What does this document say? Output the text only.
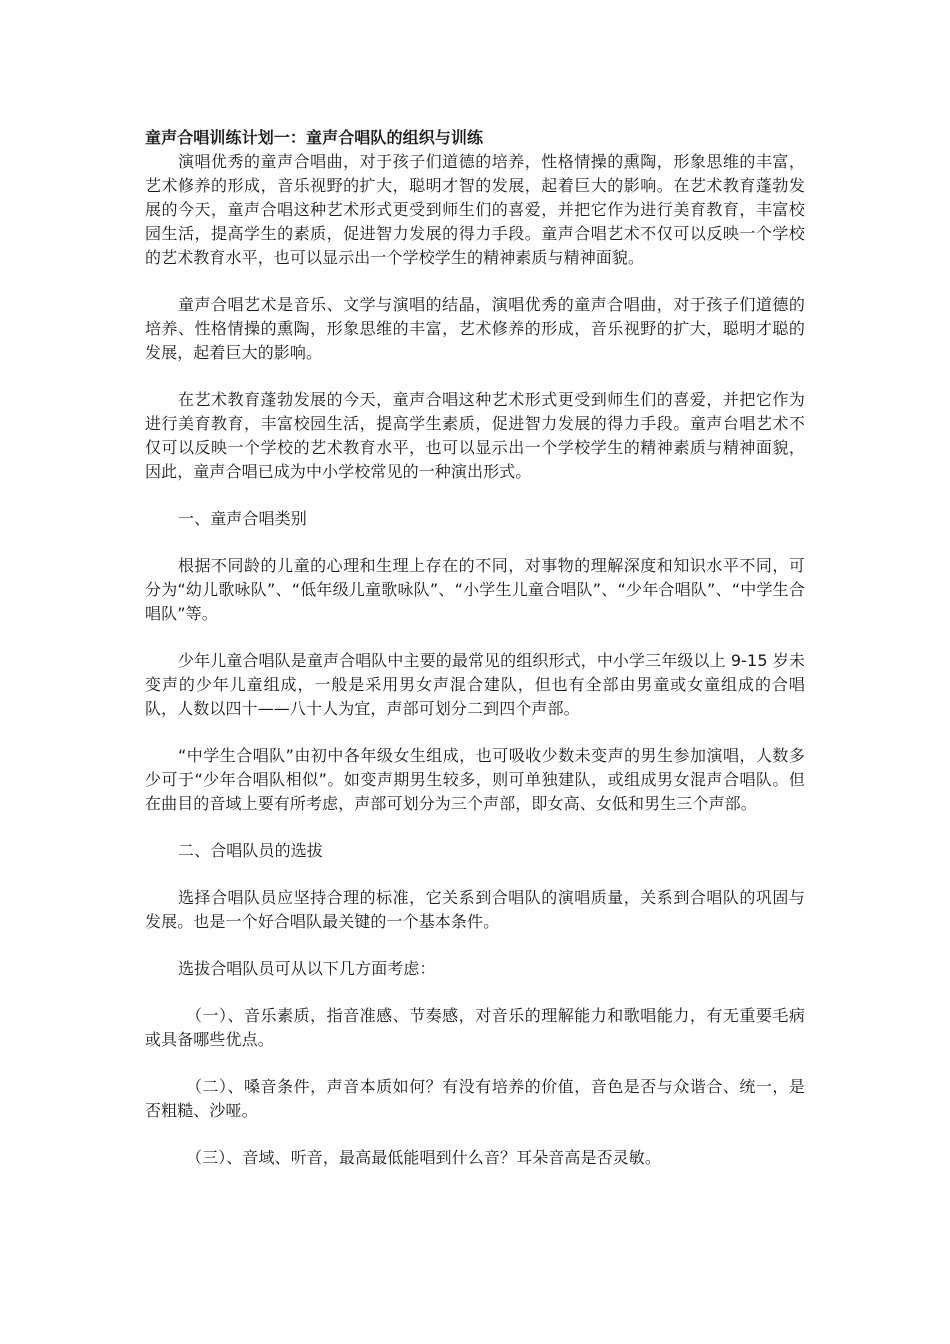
童声合唱训练计划一：童声合唱队的组织与训练

演唱优秀的童声合唱曲，对于孩子们道德的培养，性格情操的熏陶，形象思维的丰富，艺术修养的形成，音乐视野的扩大，聪明才智的发展，起着巨大的影响。在艺术教育蓬勃发展的今天，童声合唱这种艺术形式更受到师生们的喜爱，并把它作为进行美育教育，丰富校园生活，提高学生的素质，促进智力发展的得力手段。童声合唱艺术不仅可以反映一个学校的艺术教育水平，也可以显示出一个学校学生的精神素质与精神面貌。

童声合唱艺术是音乐、文学与演唱的结晶，演唱优秀的童声合唱曲，对于孩子们道德的培养、性格情操的熏陶，形象思维的丰富，艺术修养的形成，音乐视野的扩大，聪明才聪的发展，起着巨大的影响。

在艺术教育蓬勃发展的今天，童声合唱这种艺术形式更受到师生们的喜爱，并把它作为进行美育教育，丰富校园生活，提高学生素质，促进智力发展的得力手段。童声台唱艺术不仅可以反映一个学校的艺术教育水平，也可以显示出一个学校学生的精神素质与精神面貌，因此，童声合唱已成为中小学校常见的一种演出形式。

一、童声合唱类别

根据不同龄的儿童的心理和生理上存在的不同，对事物的理解深度和知识水平不同，可分为“幼儿歌咏队”、“低年级儿童歌咏队”、“小学生儿童合唱队”、“少年合唱队”、“中学生合唱队”等。

少年儿童合唱队是童声合唱队中主要的最常见的组织形式，中小学三年级以上 9-15 岁未变声的少年儿童组成，一般是采用男女声混合建队，但也有全部由男童或女童组成的合唱队，人数以四十——八十人为宜，声部可划分二到四个声部。

“中学生合唱队”由初中各年级女生组成，也可吸收少数未变声的男生参加演唱，人数多少可于“少年合唱队相似”。如变声期男生较多，则可单独建队，或组成男女混声合唱队。但在曲目的音域上要有所考虑，声部可划分为三个声部，即女高、女低和男生三个声部。

二、合唱队员的选拔

选择合唱队员应坚持合理的标准，它关系到合唱队的演唱质量，关系到合唱队的巩固与发展。也是一个好合唱队最关键的一个基本条件。

选拔合唱队员可从以下几方面考虑：

（一）、音乐素质，指音准感、节奏感，对音乐的理解能力和歌唱能力，有无重要毛病或具备哪些优点。

（二）、嗓音条件，声音本质如何？有没有培养的价值，音色是否与众谐合、统一，是否粗糙、沙哑。

（三）、音域、听音，最高最低能唱到什么音？耳朵音高是否灵敏。
